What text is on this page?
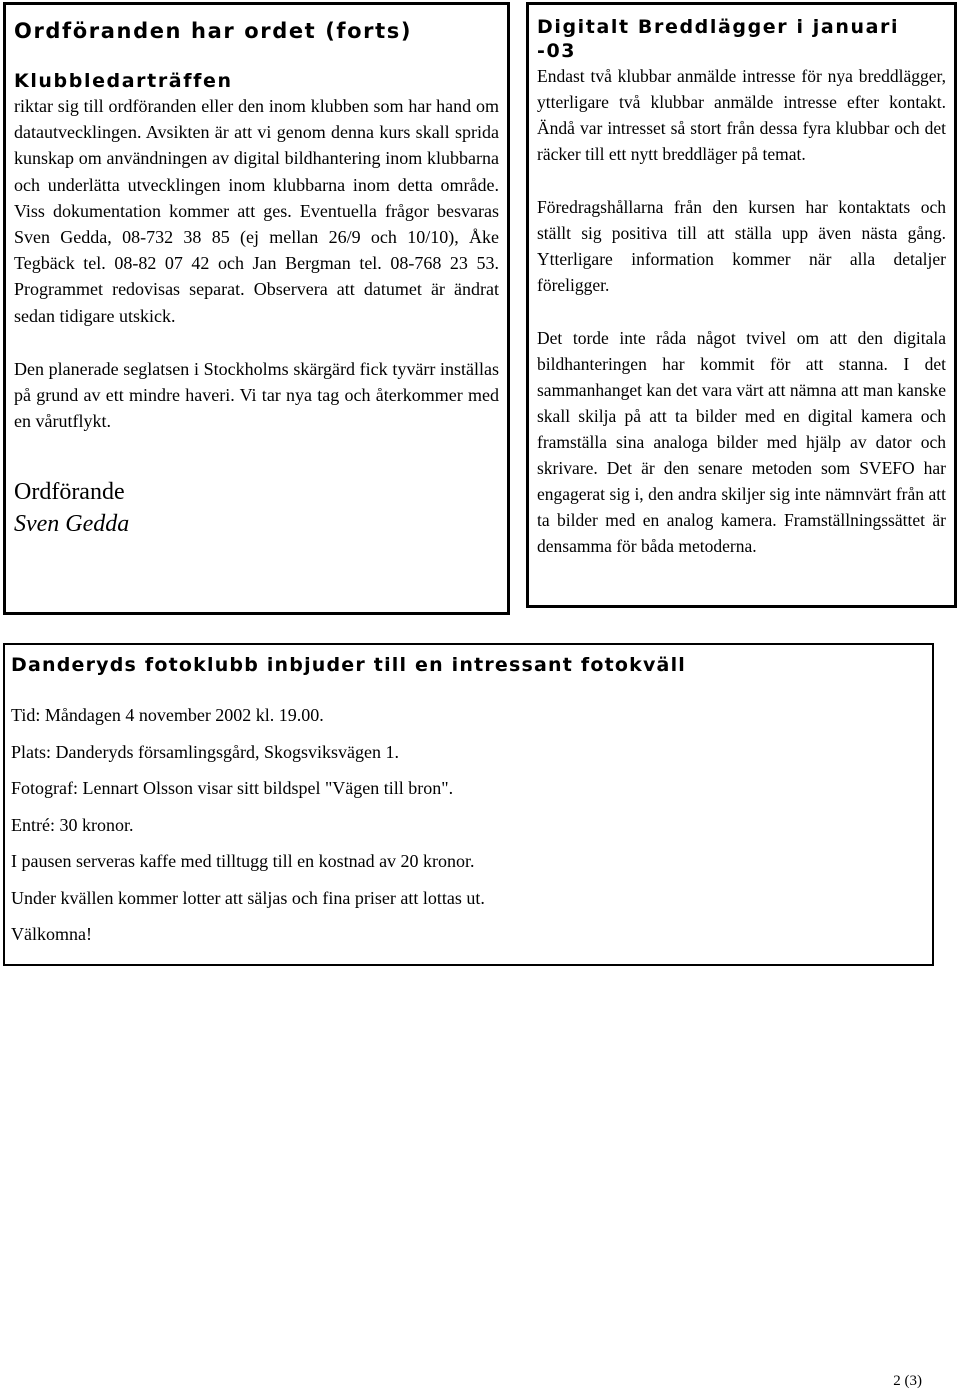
Ordföranden har ordet (forts)
Klubbledarträffen

riktar sig till ordföranden eller den inom klubben som har hand om datautvecklingen. Avsikten är att vi genom denna kurs skall sprida kunskap om användningen av digital bildhantering inom klubbarna och underlätta utvecklingen inom klubbarna inom detta område. Viss dokumentation kommer att ges. Eventuella frågor besvaras Sven Gedda, 08-732 38 85 (ej mellan 26/9 och 10/10), Åke Tegbäck tel. 08-82 07 42 och Jan Bergman tel. 08-768 23 53. Programmet redovisas separat. Observera att datumet är ändrat sedan tidigare utskick.

Den planerade seglatsen i Stockholms skärgärd fick tyvärr inställas på grund av ett mindre haveri. Vi tar nya tag och återkommer med en vårutflykt.

Ordförande

Sven Gedda

Digitalt Breddlägger i januari -03

Endast två klubbar anmälde intresse för nya breddlägger, ytterligare två klubbar anmälde intresse efter kontakt. Ändå var intresset så stort från dessa fyra klubbar och det räcker till ett nytt breddläger på temat.

Föredragshållarna från den kursen har kontaktats och ställt sig positiva till att ställa upp även nästa gång. Ytterligare information kommer när alla detaljer föreligger.

Det torde inte råda något tvivel om att den digitala bildhanteringen har kommit för att stanna. I det sammanhanget kan det vara värt att nämna att man kanske skall skilja på att ta bilder med en digital kamera och framställa sina analoga bilder med hjälp av dator och skrivare. Det är den senare metoden som SVEFO har engagerat sig i, den andra skiljer sig inte nämnvärt från att ta bilder med en analog kamera. Framställningssättet är densamma för båda metoderna.

Danderyds fotoklubb inbjuder till en intressant fotokväll

Tid: Måndagen 4 november 2002 kl. 19.00.

Plats: Danderyds församlingsgård, Skogsviksvägen 1.

Fotograf: Lennart Olsson visar sitt bildspel "Vägen till bron".

Entré: 30 kronor.

I pausen serveras kaffe med tilltugg till en kostnad av 20 kronor.

Under kvällen kommer lotter att säljas och fina priser att lottas ut.

Välkomna!

2 (3)
